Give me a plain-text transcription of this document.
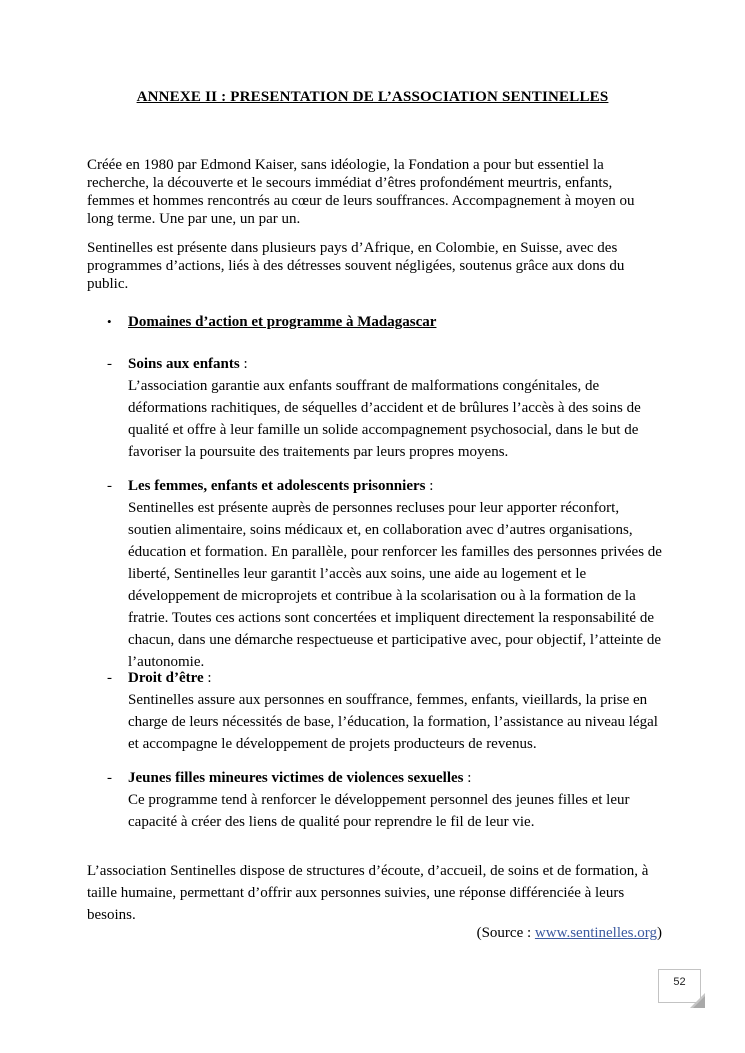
ANNEXE II : PRESENTATION DE L’ASSOCIATION SENTINELLES

Créée en 1980 par Edmond Kaiser, sans idéologie, la Fondation a pour but essentiel la recherche, la découverte et le secours immédiat d’êtres profondément meurtris, enfants, femmes et hommes rencontrés au cœur de leurs souffrances. Accompagnement à moyen ou long terme. Une par une, un par un.

Sentinelles est présente dans plusieurs pays d’Afrique, en Colombie, en Suisse, avec des programmes d’actions, liés à des détresses souvent négligées, soutenus grâce aux dons du public.

• Domaines d’action et programme à Madagascar
- Soins aux enfants :
L’association garantie aux enfants souffrant de malformations congénitales, de déformations rachitiques, de séquelles d’accident et de brûlures l’accès à des soins de qualité et offre à leur famille un solide accompagnement psychosocial, dans le but de favoriser la poursuite des traitements par leurs propres moyens.
- Les femmes, enfants et adolescents prisonniers :
Sentinelles est présente auprès de personnes recluses pour leur apporter réconfort, soutien alimentaire, soins médicaux et, en collaboration avec d’autres organisations, éducation et formation. En parallèle, pour renforcer les familles des personnes privées de liberté, Sentinelles leur garantit l’accès aux soins, une aide au logement et le développement de microprojets et contribue à la scolarisation ou à la formation de la fratrie. Toutes ces actions sont concertées et impliquent directement la responsabilité de chacun, dans une démarche respectueuse et participative avec, pour objectif, l’atteinte de l’autonomie.
- Droit d’être :
Sentinelles assure aux personnes en souffrance, femmes, enfants, vieillards, la prise en charge de leurs nécessités de base, l’éducation, la formation, l’assistance au niveau légal et accompagne le développement de projets producteurs de revenus.
- Jeunes filles mineures victimes de violences sexuelles :
Ce programme tend à renforcer le développement personnel des jeunes filles et leur capacité à créer des liens de qualité pour reprendre le fil de leur vie.

L’association Sentinelles dispose de structures d’écoute, d’accueil, de soins et de formation, à taille humaine, permettant d’offrir aux personnes suivies, une réponse différenciée à leurs besoins.

(Source : www.sentinelles.org)

52
